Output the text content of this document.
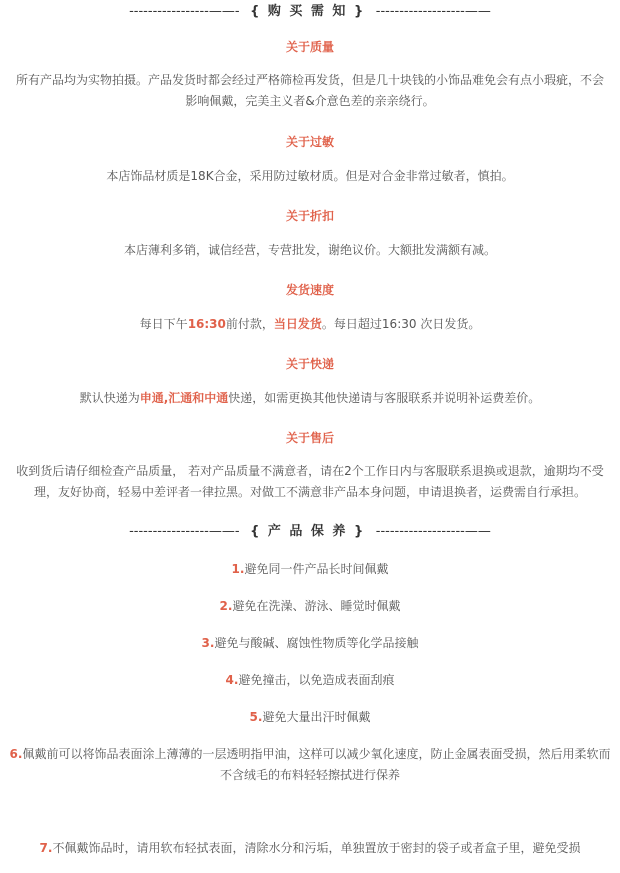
-----------------——- { 购 买 需 知 } -------------------——
关于质量
所有产品均为实物拍摄。产品发货时都会经过严格筛检再发货，但是几十块钱的小饰品难免会有点小瑕疵，不会影响佩戴，完美主义者&介意色差的亲亲绕行。
关于过敏
本店饰品材质是18K合金，采用防过敏材质。但是对合金非常过敏者，慎拍。
关于折扣
本店薄利多销，诚信经营，专营批发，谢绝议价。大额批发满额有减。
发货速度
每日下午16:30前付款，当日发货。每日超过16:30 次日发货。
关于快递
默认快递为申通,汇通和中通快递，如需更换其他快递请与客服联系并说明补运费差价。
关于售后
收到货后请仔细检查产品质量， 若对产品质量不满意者，请在2个工作日内与客服联系退换或退款，逾期均不受理，友好协商，轻易中差评者一律拉黑。对做工不满意非产品本身问题，申请退换者，运费需自行承担。
-----------------——- { 产 品 保 养 } -------------------——
1.避免同一件产品长时间佩戴
2.避免在洗澡、游泳、睡觉时佩戴
3.避免与酸碱、腐蚀性物质等化学品接触
4.避免撞击，以免造成表面刮痕
5.避免大量出汗时佩戴
6.佩戴前可以将饰品表面涂上薄薄的一层透明指甲油，这样可以减少氧化速度，防止金属表面受损，然后用柔软而不含绒毛的布料轻轻擦拭进行保养
7.不佩戴饰品时，请用软布轻拭表面，清除水分和污垢，单独置放于密封的袋子或者盒子里，避免受损
